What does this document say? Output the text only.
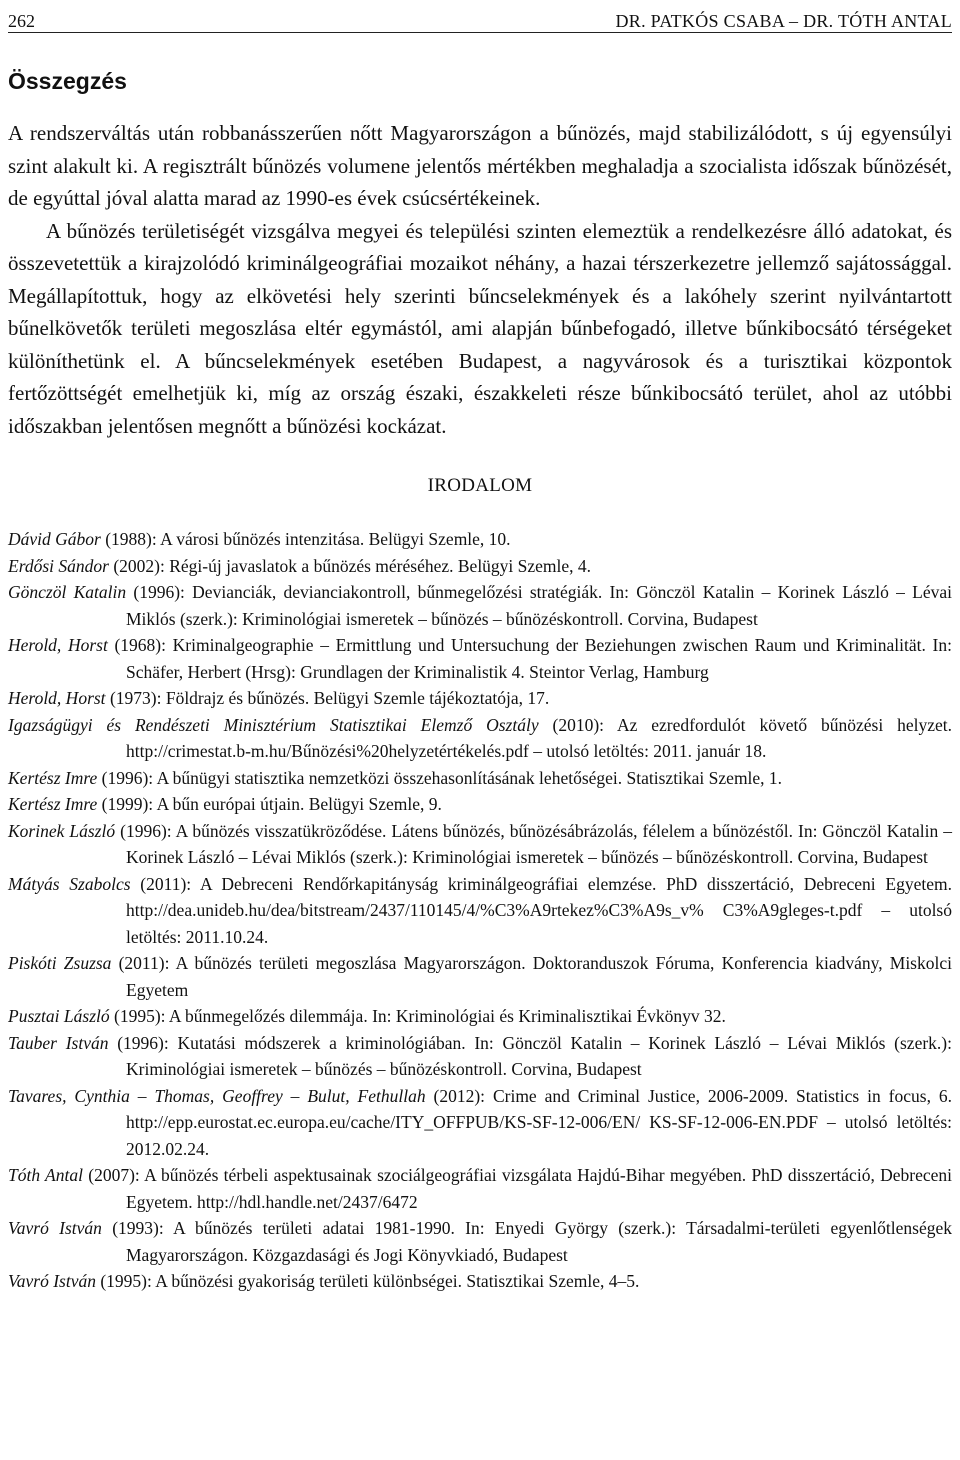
262	DR. PATKÓS CSABA – DR. TÓTH ANTAL
Összegzés

A rendszerváltás után robbanásszerűen nőtt Magyarországon a bűnözés, majd stabilizálódott, s új egyensúlyi szint alakult ki. A regisztrált bűnözés volumene jelentős mértékben meghaladja a szocialista időszak bűnözését, de egyúttal jóval alatta marad az 1990-es évek csúcsértékeinek.

A bűnözés területiségét vizsgálva megyei és települési szinten elemeztük a rendelkezésre álló adatokat, és összevetettük a kirajzolódó kriminálgeográfiai mozaikot néhány, a hazai térszerkezetre jellemző sajátossággal. Megállapítottuk, hogy az elkövetési hely szerinti bűncselekmények és a lakóhely szerint nyilvántartott bűnelkövetők területi megoszlása eltér egymástól, ami alapján bűnbefogadó, illetve bűnkibocsátó térségeket különíthetünk el. A bűncselekmények esetében Budapest, a nagyvárosok és a turisztikai központok fertőzöttségét emelhetjük ki, míg az ország északi, északkeleti része bűnkibocsátó terület, ahol az utóbbi időszakban jelentősen megnőtt a bűnözési kockázat.

IRODALOM

Dávid Gábor (1988): A városi bűnözés intenzitása. Belügyi Szemle, 10.

Erdősi Sándor (2002): Régi-új javaslatok a bűnözés méréséhez. Belügyi Szemle, 4.

Gönczöl Katalin (1996): Devianciák, devianciakontroll, bűnmegelőzési stratégiák. In: Gönczöl Katalin – Korinek László – Lévai Miklós (szerk.): Kriminológiai ismeretek – bűnözés – bűnözéskontroll. Corvina, Budapest

Herold, Horst (1968): Kriminalgeographie – Ermittlung und Untersuchung der Beziehungen zwischen Raum und Kriminalität. In: Schäfer, Herbert (Hrsg): Grundlagen der Kriminalistik 4. Steintor Verlag, Hamburg

Herold, Horst (1973): Földrajz és bűnözés. Belügyi Szemle tájékoztatója, 17.

Igazságügyi és Rendészeti Minisztérium Statisztikai Elemző Osztály (2010): Az ezredfordulót követő bűnözési helyzet. http://crimestat.b-m.hu/Bűnözési%20helyzetértékelés.pdf – utolsó letöltés: 2011. január 18.

Kertész Imre (1996): A bűnügyi statisztika nemzetközi összehasonlításának lehetőségei. Statisztikai Szemle, 1.

Kertész Imre (1999): A bűn európai útjain. Belügyi Szemle, 9.

Korinek László (1996): A bűnözés visszatükröződése. Látens bűnözés, bűnözésábrázolás, félelem a bűnözéstől. In: Gönczöl Katalin – Korinek László – Lévai Miklós (szerk.): Kriminológiai ismeretek – bűnözés – bűnözéskontroll. Corvina, Budapest

Mátyás Szabolcs (2011): A Debreceni Rendőrkapitányság kriminálgeográfiai elemzése. PhD disszertáció, Debreceni Egyetem. http://dea.unideb.hu/dea/bitstream/2437/110145/4/%C3%A9rtekez%C3%A9s_v% C3%A9gleges-t.pdf – utolsó letöltés: 2011.10.24.

Piskóti Zsuzsa (2011): A bűnözés területi megoszlása Magyarországon. Doktoranduszok Fóruma, Konferencia kiadvány, Miskolci Egyetem

Pusztai László (1995): A bűnmegelőzés dilemmája. In: Kriminológiai és Kriminalisztikai Évkönyv 32.

Tauber István (1996): Kutatási módszerek a kriminológiában. In: Gönczöl Katalin – Korinek László – Lévai Miklós (szerk.): Kriminológiai ismeretek – bűnözés – bűnözéskontroll. Corvina, Budapest

Tavares, Cynthia – Thomas, Geoffrey – Bulut, Fethullah (2012): Crime and Criminal Justice, 2006-2009. Statistics in focus, 6. http://epp.eurostat.ec.europa.eu/cache/ITY_OFFPUB/KS-SF-12-006/EN/ KS-SF-12-006-EN.PDF – utolsó letöltés: 2012.02.24.

Tóth Antal (2007): A bűnözés térbeli aspektusainak szociálgeográfiai vizsgálata Hajdú-Bihar megyében. PhD disszertáció, Debreceni Egyetem. http://hdl.handle.net/2437/6472

Vavró István (1993): A bűnözés területi adatai 1981-1990. In: Enyedi György (szerk.): Társadalmi-területi egyenlőtlenségek Magyarországon. Közgazdasági és Jogi Könyvkiadó, Budapest

Vavró István (1995): A bűnözési gyakoriság területi különbségei. Statisztikai Szemle, 4–5.
